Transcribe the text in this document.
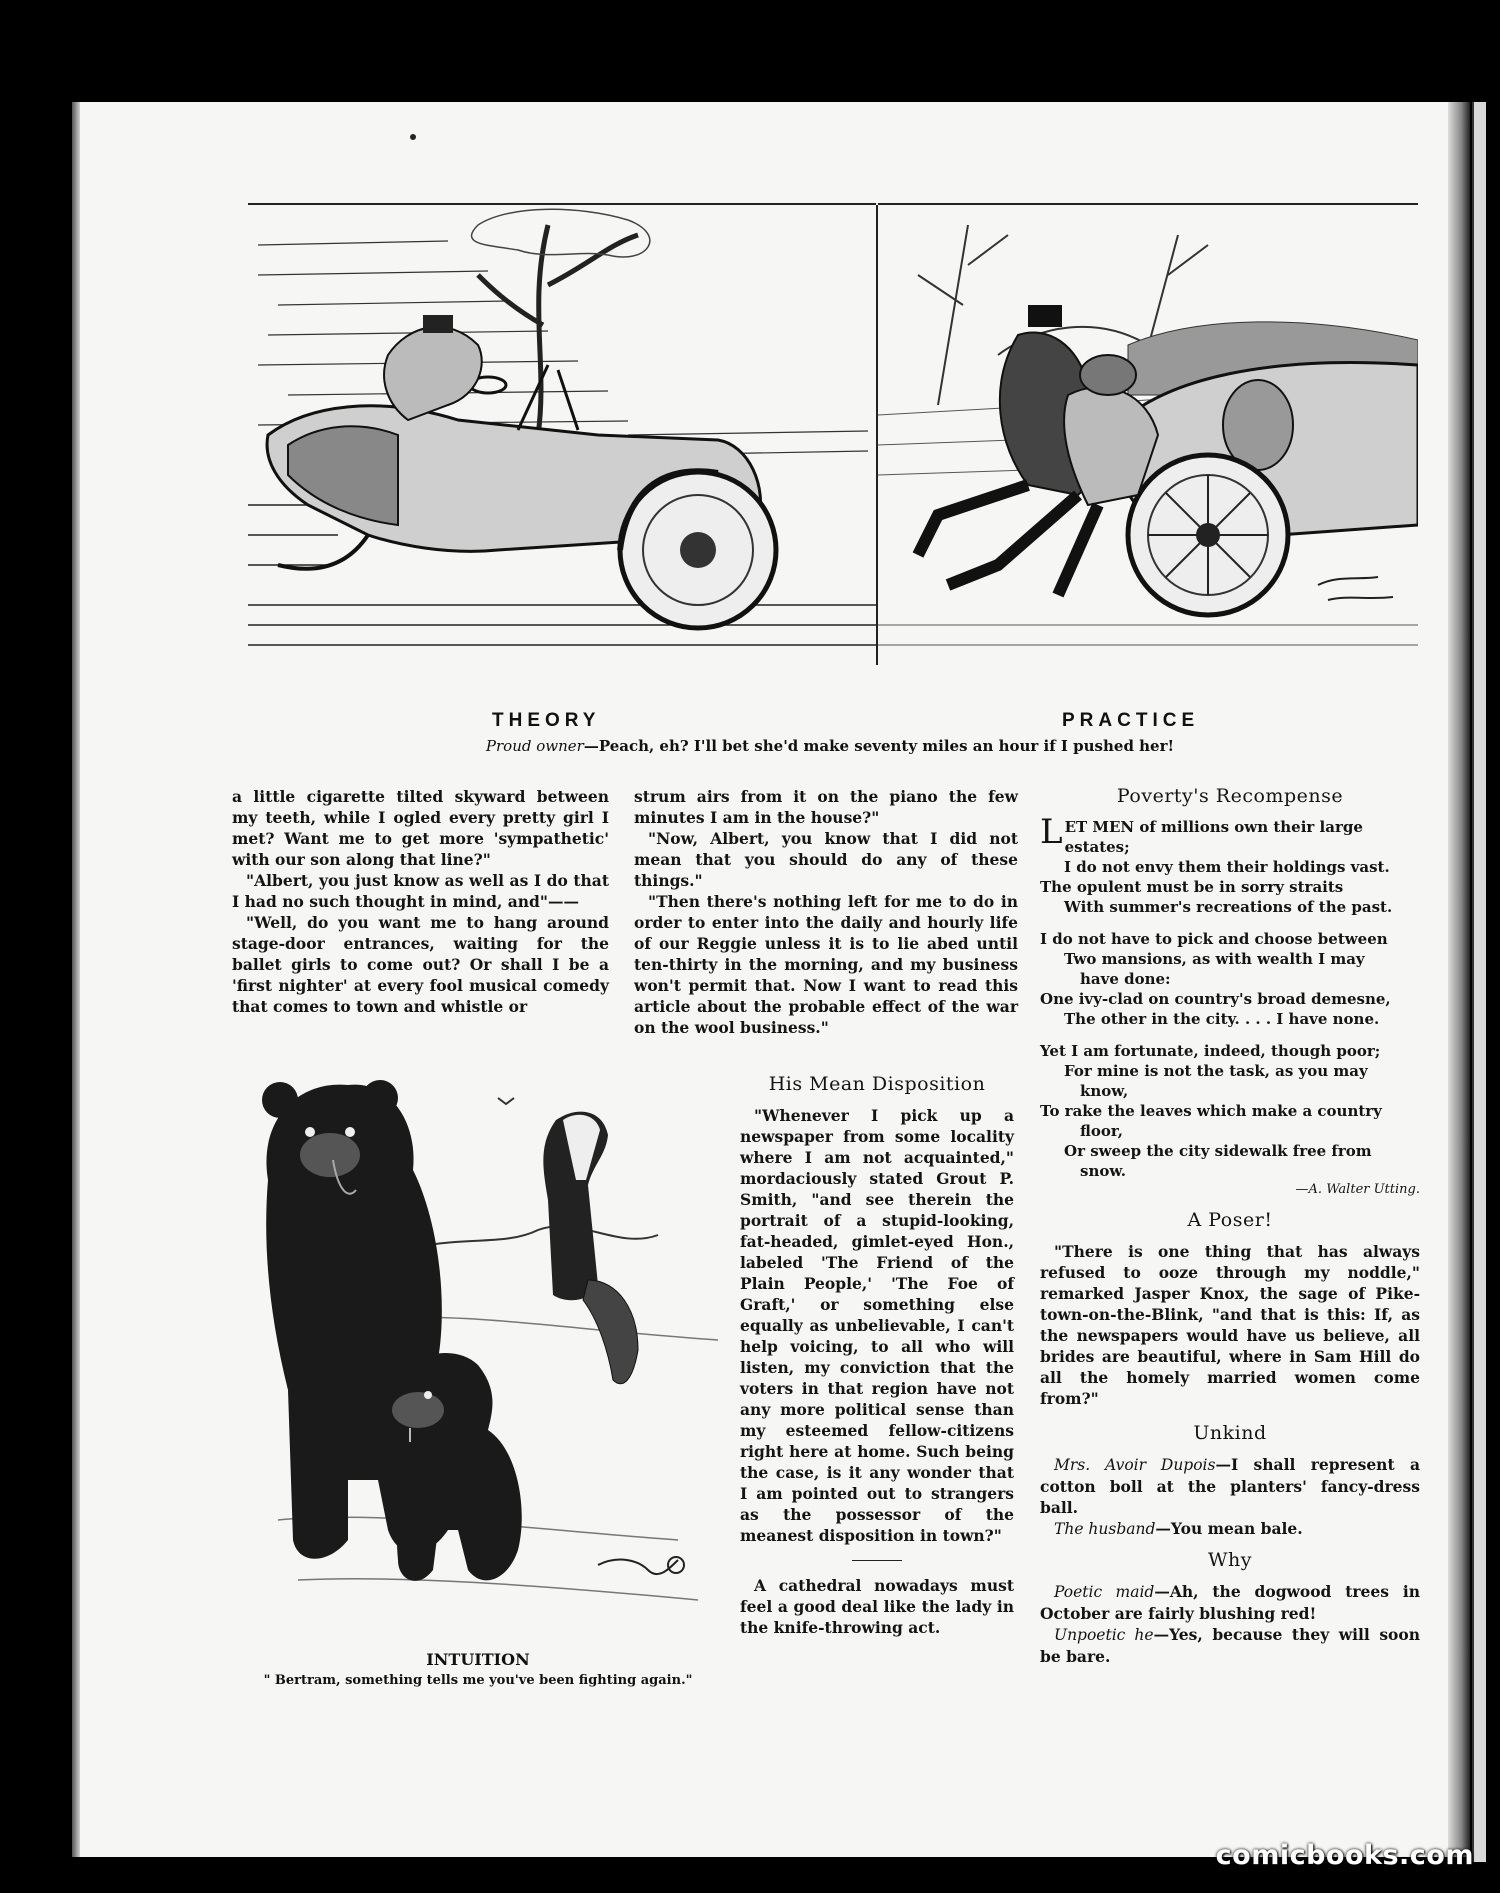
THEORY	PRACTICE
Proud owner—Peach, eh? I'll bet she'd make seventy miles an hour if I pushed her!

a little cigarette tilted skyward between my teeth, while I ogled every pretty girl I met? Want me to get more 'sympathetic' with our son along that line?"

"Albert, you just know as well as I do that I had no such thought in mind, and"——

"Well, do you want me to hang around stage-door entrances, waiting for the ballet girls to come out? Or shall I be a 'first nighter' at every fool musical comedy that comes to town and whistle or

strum airs from it on the piano the few minutes I am in the house?"

"Now, Albert, you know that I did not mean that you should do any of these things."

"Then there's nothing left for me to do in order to enter into the daily and hourly life of our Reggie unless it is to lie abed until ten-thirty in the morning, and my business won't permit that. Now I want to read this article about the probable effect of the war on the wool business."

INTUITION
" Bertram, something tells me you've been fighting again."
His Mean Disposition

"Whenever I pick up a newspaper from some locality where I am not acquainted," mordaciously stated Grout P. Smith, "and see therein the portrait of a stupid-looking, fat-headed, gimlet-eyed Hon., labeled 'The Friend of the Plain People,' 'The Foe of Graft,' or something else equally as unbelievable, I can't help voicing, to all who will listen, my conviction that the voters in that region have not any more political sense than my esteemed fellow-citizens right here at home. Such being the case, is it any wonder that I am pointed out to strangers as the possessor of the meanest disposition in town?"

A cathedral nowadays must feel a good deal like the lady in the knife-throwing act.

Poverty's Recompense
LET MEN of millions own their large
estates;
I do not envy them their holdings vast.
The opulent must be in sorry straits
With summer's recreations of the past.
I do not have to pick and choose between
Two mansions, as with wealth I may
have done:
One ivy-clad on country's broad demesne,
The other in the city. . . . I have none.
Yet I am fortunate, indeed, though poor;
For mine is not the task, as you may
know,
To rake the leaves which make a country
floor,
Or sweep the city sidewalk free from
snow.
—A. Walter Utting.
A Poser!

"There is one thing that has always refused to ooze through my noddle," remarked Jasper Knox, the sage of Pike-town-on-the-Blink, "and that is this: If, as the newspapers would have us believe, all brides are beautiful, where in Sam Hill do all the homely married women come from?"

Unkind

Mrs. Avoir Dupois—I shall represent a cotton boll at the planters' fancy-dress ball.

The husband—You mean bale.

Why

Poetic maid—Ah, the dogwood trees in October are fairly blushing red!

Unpoetic he—Yes, because they will soon be bare.

comicbooks.com
